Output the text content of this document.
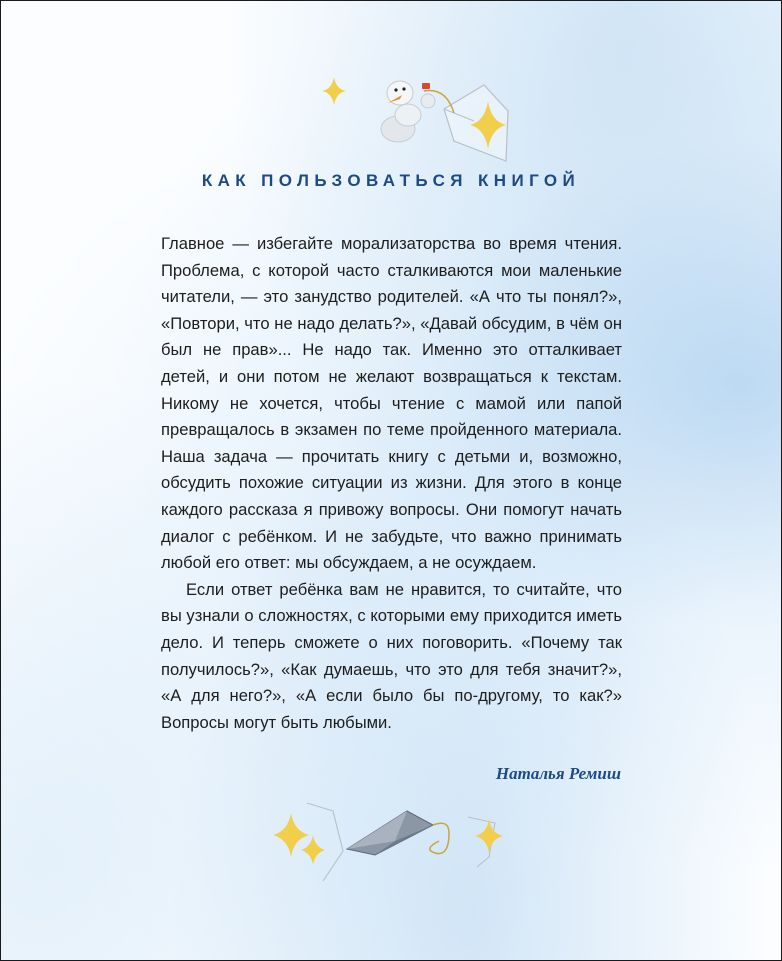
КАК ПОЛЬЗОВАТЬСЯ КНИГОЙ

Главное — избегайте морализаторства во время чтения. Проблема, с которой часто сталкиваются мои маленькие читатели, — это занудство родителей. «А что ты понял?», «Повтори, что не надо делать?», «Давай обсудим, в чём он был не прав»... Не надо так. Именно это отталкивает детей, и они потом не желают возвращаться к текстам. Никому не хочется, чтобы чтение с мамой или папой превращалось в экзамен по теме пройденного материала. Наша задача — прочитать книгу с детьми и, возможно, обсудить похожие ситуации из жизни. Для этого в конце каждого рассказа я привожу вопросы. Они помогут начать диалог с ребёнком. И не забудьте, что важно принимать любой его ответ: мы обсуждаем, а не осуждаем.

Если ответ ребёнка вам не нравится, то считайте, что вы узнали о сложностях, с которыми ему приходится иметь дело. И теперь сможете о них поговорить. «Почему так получилось?», «Как думаешь, что это для тебя значит?», «А для него?», «А если было бы по-другому, то как?» Вопросы могут быть любыми.

Наталья Ремиш
